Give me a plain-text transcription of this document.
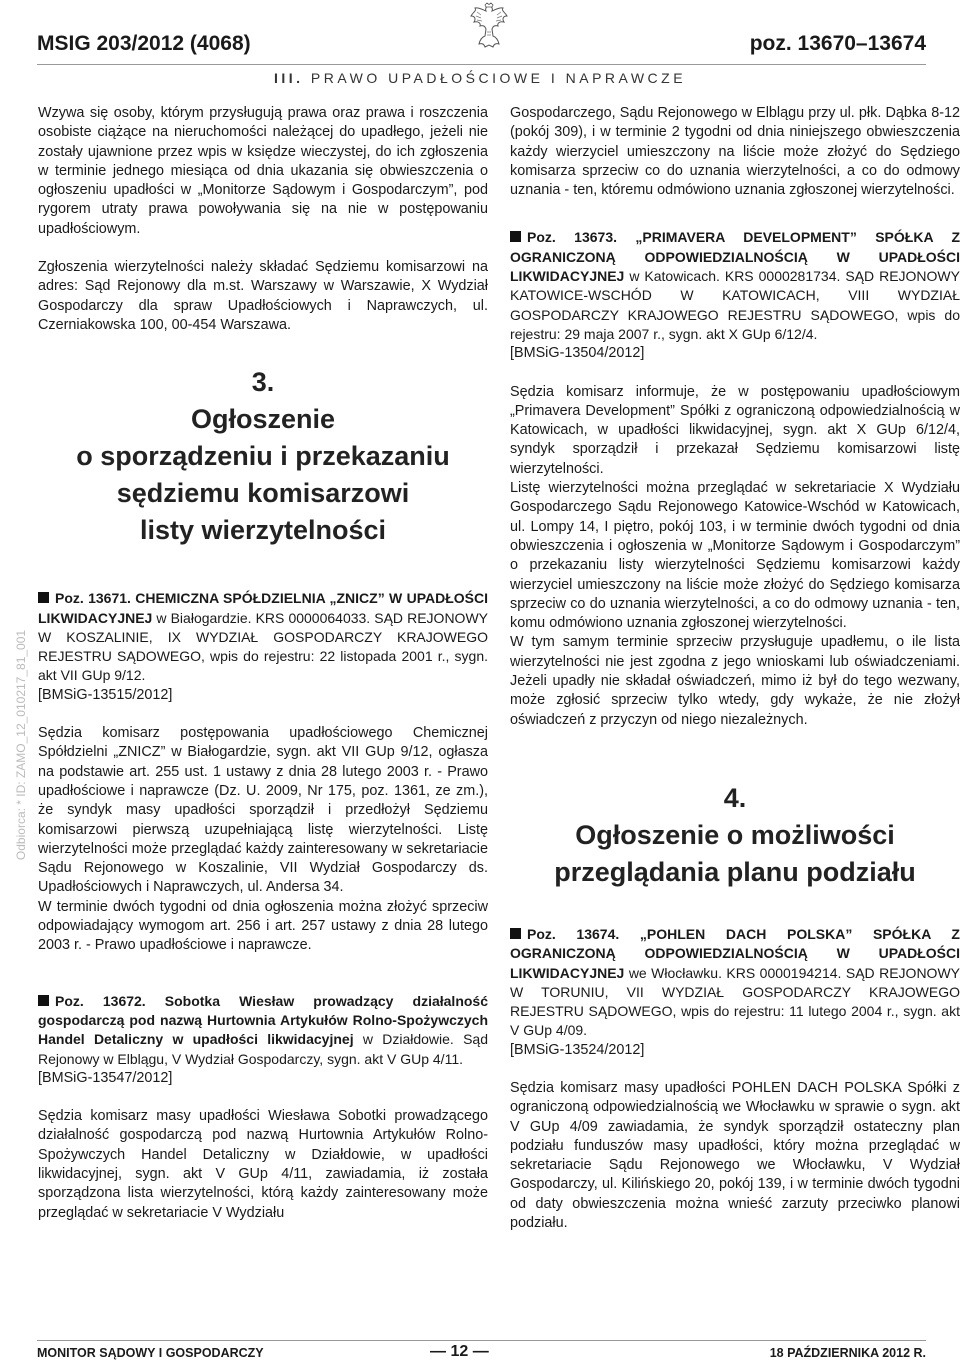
MSIG 203/2012 (4068)	poz. 13670–13674
III. PRAWO UPADŁOŚCIOWE I NAPRAWCZE
Odbiorca: * ID: ZAMO_12_010217_81_001

Wzywa się osoby, którym przysługują prawa oraz prawa i roszczenia osobiste ciążące na nieruchomości należącej do upadłego, jeżeli nie zostały ujawnione przez wpis w księdze wieczystej, do ich zgłoszenia w terminie jednego miesiąca od dnia ukazania się obwieszczenia o ogłoszeniu upadłości w „Monitorze Sądowym i Gospodarczym”, pod rygorem utraty prawa powoływania się na nie w postępowaniu upadłościowym.

Zgłoszenia wierzytelności należy składać Sędziemu komisarzowi na adres: Sąd Rejonowy dla m.st. Warszawy w Warszawie, X Wydział Gospodarczy dla spraw Upadłościowych i Naprawczych, ul. Czerniakowska 100, 00-454 Warszawa.

3.
Ogłoszenie
o sporządzeniu i przekazaniu
sędziemu komisarzowi
listy wierzytelności

Poz. 13671. CHEMICZNA SPÓŁDZIELNIA „ZNICZ” W UPADŁOŚCI LIKWIDACYJNEJ w Białogardzie. KRS 0000064033. SĄD REJONOWY W KOSZALINIE, IX WYDZIAŁ GOSPODARCZY KRAJOWEGO REJESTRU SĄDOWEGO, wpis do rejestru: 22 listopada 2001 r., sygn. akt VII GUp 9/12.

[BMSiG-13515/2012]

Sędzia komisarz postępowania upadłościowego Chemicznej Spółdzielni „ZNICZ” w Białogardzie, sygn. akt VII GUp 9/12, ogłasza na podstawie art. 255 ust. 1 ustawy z dnia 28 lutego 2003 r. - Prawo upadłościowe i naprawcze (Dz. U. 2009, Nr 175, poz. 1361, ze zm.), że syndyk masy upadłości sporządził i przedłożył Sędziemu komisarzowi pierwszą uzupełniającą listę wierzytelności. Listę wierzytelności może przeglądać każdy zainteresowany w sekretariacie Sądu Rejonowego w Koszalinie, VII Wydział Gospodarczy ds. Upadłościowych i Naprawczych, ul. Andersa 34.

W terminie dwóch tygodni od dnia ogłoszenia można złożyć sprzeciw odpowiadający wymogom art. 256 i art. 257 ustawy z dnia 28 lutego 2003 r. - Prawo upadłościowe i naprawcze.

Poz. 13672. Sobotka Wiesław prowadzący działalność gospodarczą pod nazwą Hurtownia Artykułów Rolno-Spożywczych Handel Detaliczny w upadłości likwidacyjnej w Działdowie. Sąd Rejonowy w Elblągu, V Wydział Gospodarczy, sygn. akt V GUp 4/11.

[BMSiG-13547/2012]

Sędzia komisarz masy upadłości Wiesława Sobotki prowadzącego działalność gospodarczą pod nazwą Hurtownia Artykułów Rolno-Spożywczych Handel Detaliczny w Działdowie, w upadłości likwidacyjnej, sygn. akt V GUp 4/11, zawiadamia, iż została sporządzona lista wierzytelności, którą każdy zainteresowany może przeglądać w sekretariacie V Wydziału

Gospodarczego, Sądu Rejonowego w Elblągu przy ul. płk. Dąbka 8-12 (pokój 309), i w terminie 2 tygodni od dnia niniejszego obwieszczenia każdy wierzyciel umieszczony na liście może złożyć do Sędziego komisarza sprzeciw co do uznania wierzytelności, a co do odmowy uznania - ten, któremu odmówiono uznania zgłoszonej wierzytelności.

Poz. 13673. „PRIMAVERA DEVELOPMENT” SPÓŁKA Z OGRANICZONĄ ODPOWIEDZIALNOŚCIĄ W UPADŁOŚCI LIKWIDACYJNEJ w Katowicach. KRS 0000281734. SĄD REJONOWY KATOWICE-WSCHÓD W KATOWICACH, VIII WYDZIAŁ GOSPODARCZY KRAJOWEGO REJESTRU SĄDOWEGO, wpis do rejestru: 29 maja 2007 r., sygn. akt X GUp 6/12/4.

[BMSiG-13504/2012]

Sędzia komisarz informuje, że w postępowaniu upadłościowym „Primavera Development” Spółki z ograniczoną odpowiedzialnością w Katowicach, w upadłości likwidacyjnej, sygn. akt X GUp 6/12/4, syndyk sporządził i przekazał Sędziemu komisarzowi listę wierzytelności.

Listę wierzytelności można przeglądać w sekretariacie X Wydziału Gospodarczego Sądu Rejonowego Katowice-Wschód w Katowicach, ul. Lompy 14, I piętro, pokój 103, i w terminie dwóch tygodni od dnia obwieszczenia i ogłoszenia w „Monitorze Sądowym i Gospodarczym” o przekazaniu listy wierzytelności Sędziemu komisarzowi każdy wierzyciel umieszczony na liście może złożyć do Sędziego komisarza sprzeciw co do uznania wierzytelności, a co do odmowy uznania - ten, komu odmówiono uznania zgłoszonej wierzytelności.

W tym samym terminie sprzeciw przysługuje upadłemu, o ile lista wierzytelności nie jest zgodna z jego wnioskami lub oświadczeniami. Jeżeli upadły nie składał oświadczeń, mimo iż był do tego wezwany, może zgłosić sprzeciw tylko wtedy, gdy wykaże, że nie złożył oświadczeń z przyczyn od niego niezależnych.

4.
Ogłoszenie o możliwości
przeglądania planu podziału

Poz. 13674. „POHLEN DACH POLSKA” SPÓŁKA Z OGRANICZONĄ ODPOWIEDZIALNOŚCIĄ W UPADŁOŚCI LIKWIDACYJNEJ we Włocławku. KRS 0000194214. SĄD REJONOWY W TORUNIU, VII WYDZIAŁ GOSPODARCZY KRAJOWEGO REJESTRU SĄDOWEGO, wpis do rejestru: 11 lutego 2004 r., sygn. akt V GUp 4/09.

[BMSiG-13524/2012]

Sędzia komisarz masy upadłości POHLEN DACH POLSKA Spółki z ograniczoną odpowiedzialnością we Włocławku w sprawie o sygn. akt V GUp 4/09 zawiadamia, że syndyk sporządził ostateczny plan podziału funduszów masy upadłości, który można przeglądać w sekretariacie Sądu Rejonowego we Włocławku, V Wydział Gospodarczy, ul. Kilińskiego 20, pokój 139, i w terminie dwóch tygodni od daty obwieszczenia można wnieść zarzuty przeciwko planowi podziału.

MONITOR SĄDOWY I GOSPODARCZY	— 12 —	18 PAŹDZIERNIKA 2012 R.
